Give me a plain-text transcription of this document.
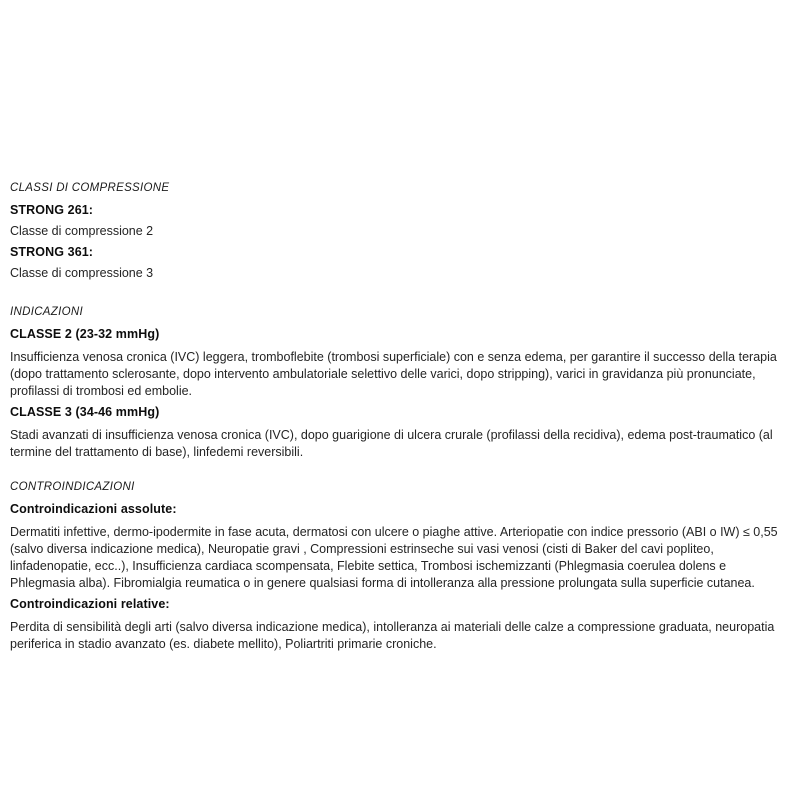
CLASSI DI COMPRESSIONE

STRONG 261:

Classe di compressione 2

STRONG 361:

Classe di compressione 3

INDICAZIONI

CLASSE 2 (23-32 mmHg)

Insufficienza venosa cronica (IVC) leggera, tromboflebite (trombosi superficiale) con e senza edema, per garantire il successo della terapia (dopo trattamento sclerosante, dopo intervento ambulatoriale selettivo delle varici, dopo stripping), varici in gravidanza più pronunciate, profilassi di trombosi ed embolie.

CLASSE 3 (34-46 mmHg)

Stadi avanzati di insufficienza venosa cronica (IVC), dopo guarigione di ulcera crurale (profilassi della recidiva), edema post-traumatico (al termine del trattamento di base), linfedemi reversibili.

CONTROINDICAZIONI

Controindicazioni assolute:

Dermatiti infettive, dermo-ipodermite in fase acuta, dermatosi con ulcere o piaghe attive. Arteriopatie con indice pressorio (ABI o IW) ≤ 0,55 (salvo diversa indicazione medica), Neuropatie gravi , Compressioni estrinseche sui vasi venosi (cisti di Baker del cavi popliteo, linfadenopatie, ecc..), Insufficienza cardiaca scompensata, Flebite settica, Trombosi ischemizzanti (Phlegmasia coerulea dolens e Phlegmasia alba). Fibromialgia reumatica o in genere qualsiasi forma di intolleranza alla pressione prolungata sulla superficie cutanea.

Controindicazioni relative:

Perdita di sensibilità degli arti (salvo diversa indicazione medica), intolleranza ai materiali delle calze a compressione graduata, neuropatia periferica in stadio avanzato (es. diabete mellito), Poliartriti primarie croniche.
